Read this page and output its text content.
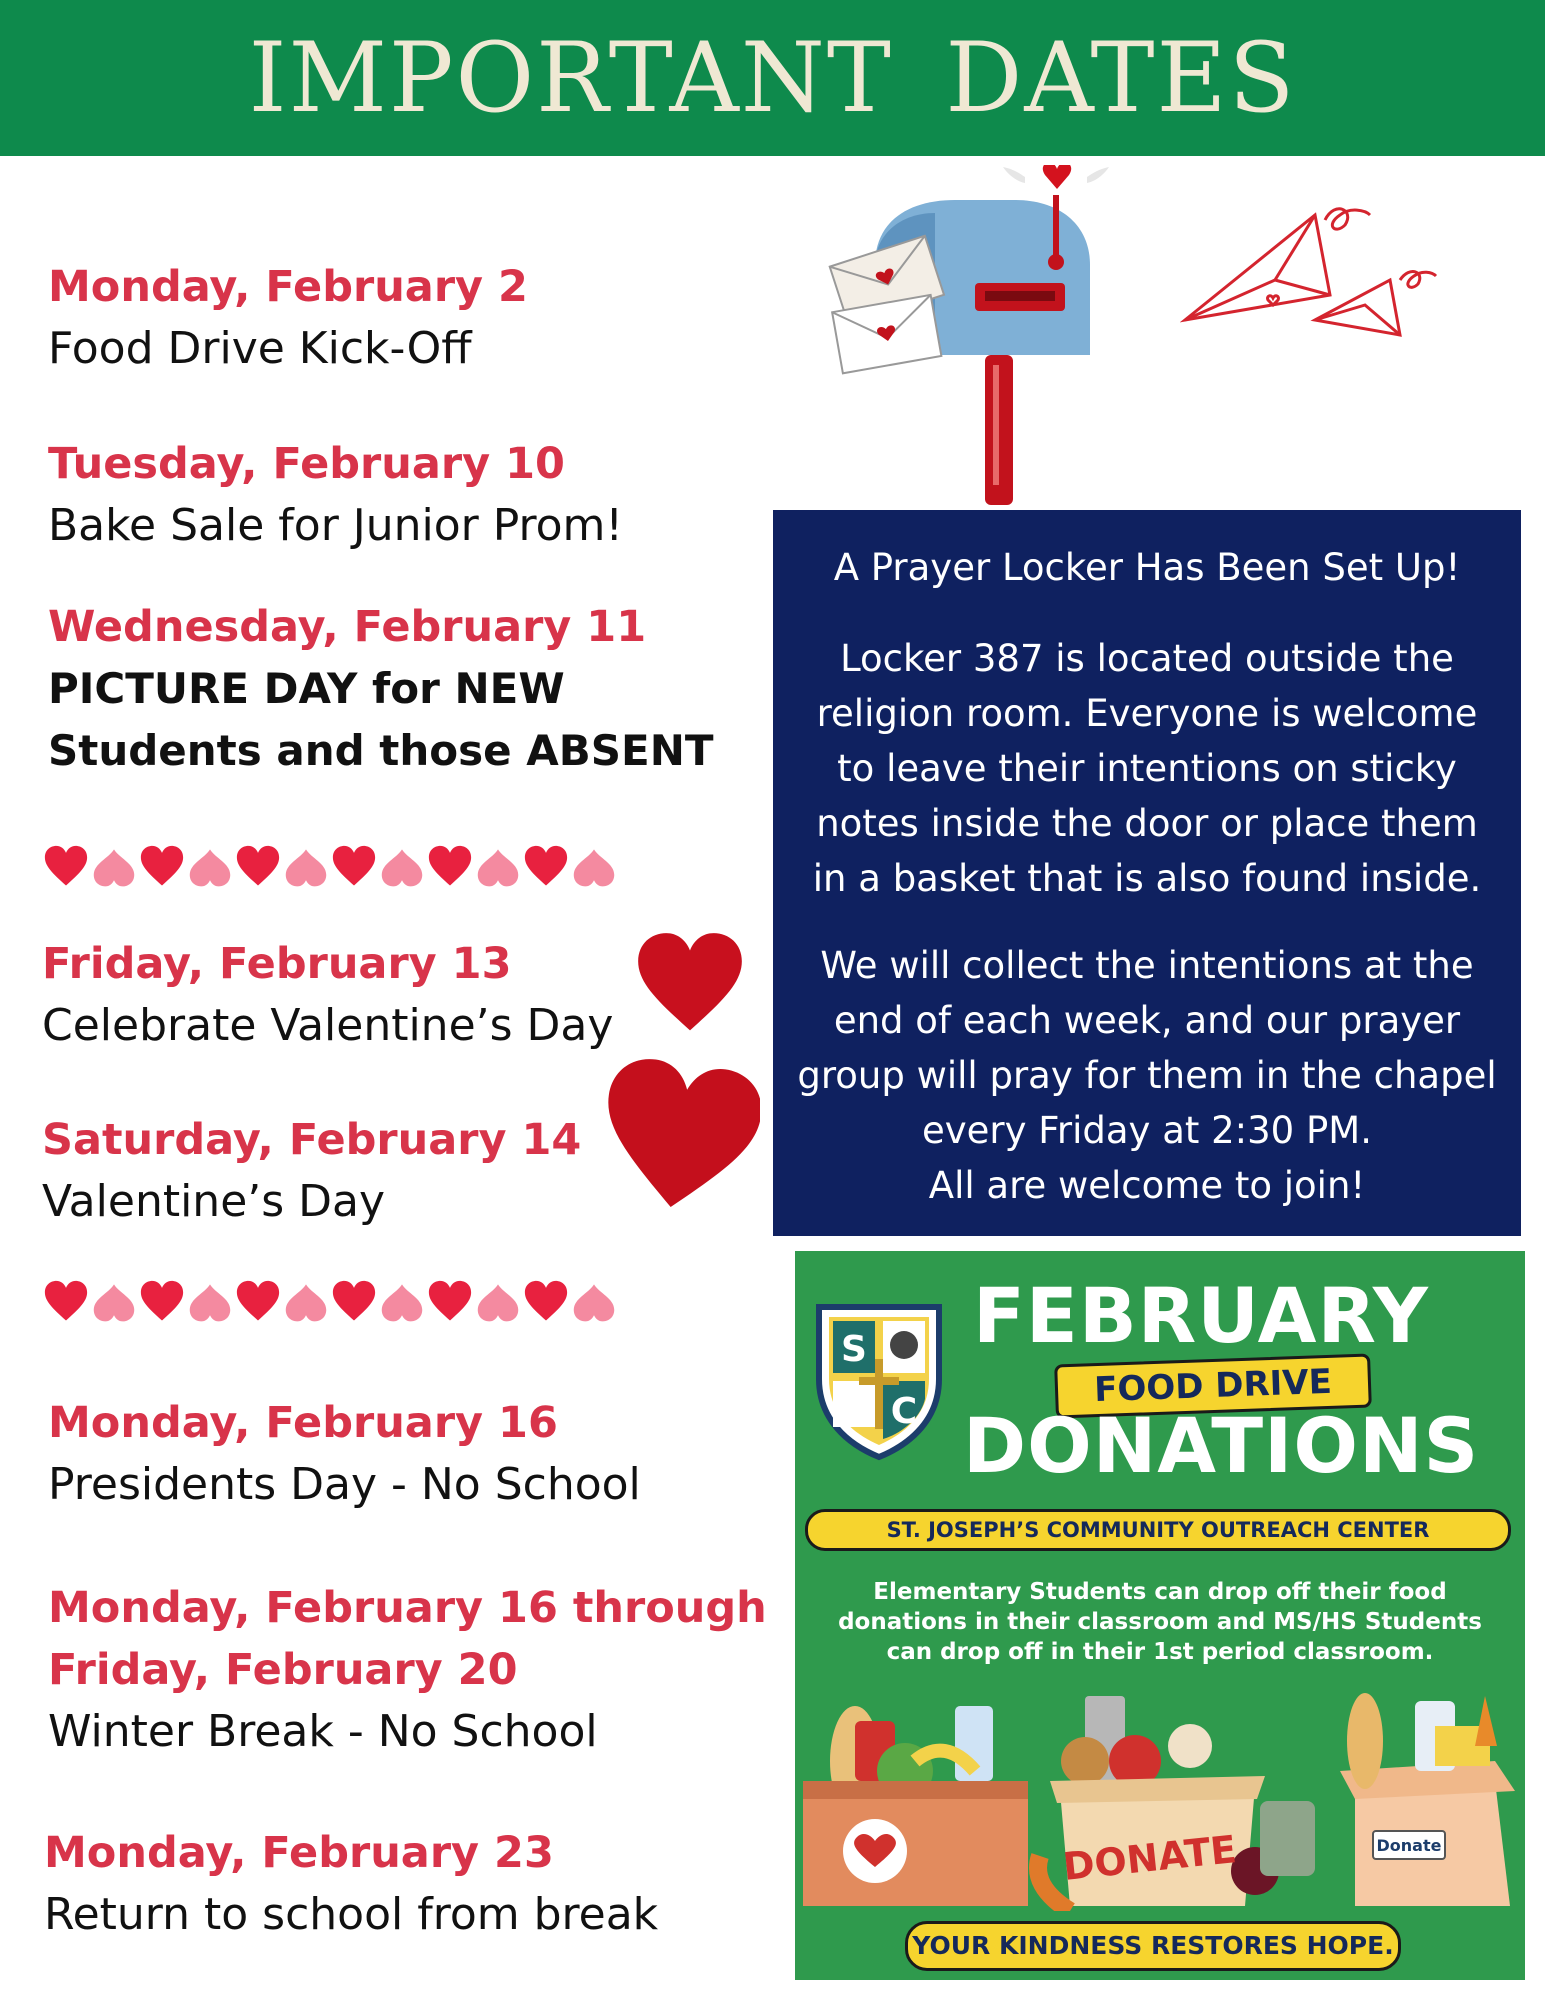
IMPORTANT DATES
Monday, February 2
Food Drive Kick-Off
Tuesday, February 10
Bake Sale for Junior Prom!
Wednesday, February 11
PICTURE DAY for NEW
Students and those ABSENT
Friday, February 13
Celebrate Valentine’s Day
Saturday, February 14
Valentine’s Day
Monday, February 16
Presidents Day - No School
Monday, February 16 through
Friday, February 20
Winter Break - No School
Monday, February 23
Return to school from break

A Prayer Locker Has Been Set Up!

Locker 387 is located outside the

religion room. Everyone is welcome

to leave their intentions on sticky

notes inside the door or place them

in a basket that is also found inside.

We will collect the intentions at the

end of each week, and our prayer

group will pray for them in the chapel

every Friday at 2:30 PM.

All are welcome to join!

S
C
FEBRUARY
FOOD DRIVE
DONATIONS
ST. JOSEPH’S COMMUNITY OUTREACH CENTER
Elementary Students can drop off their food
donations in their classroom and MS/HS Students
can drop off in their 1st period classroom.
Donate
DONATE
YOUR KINDNESS RESTORES HOPE.
